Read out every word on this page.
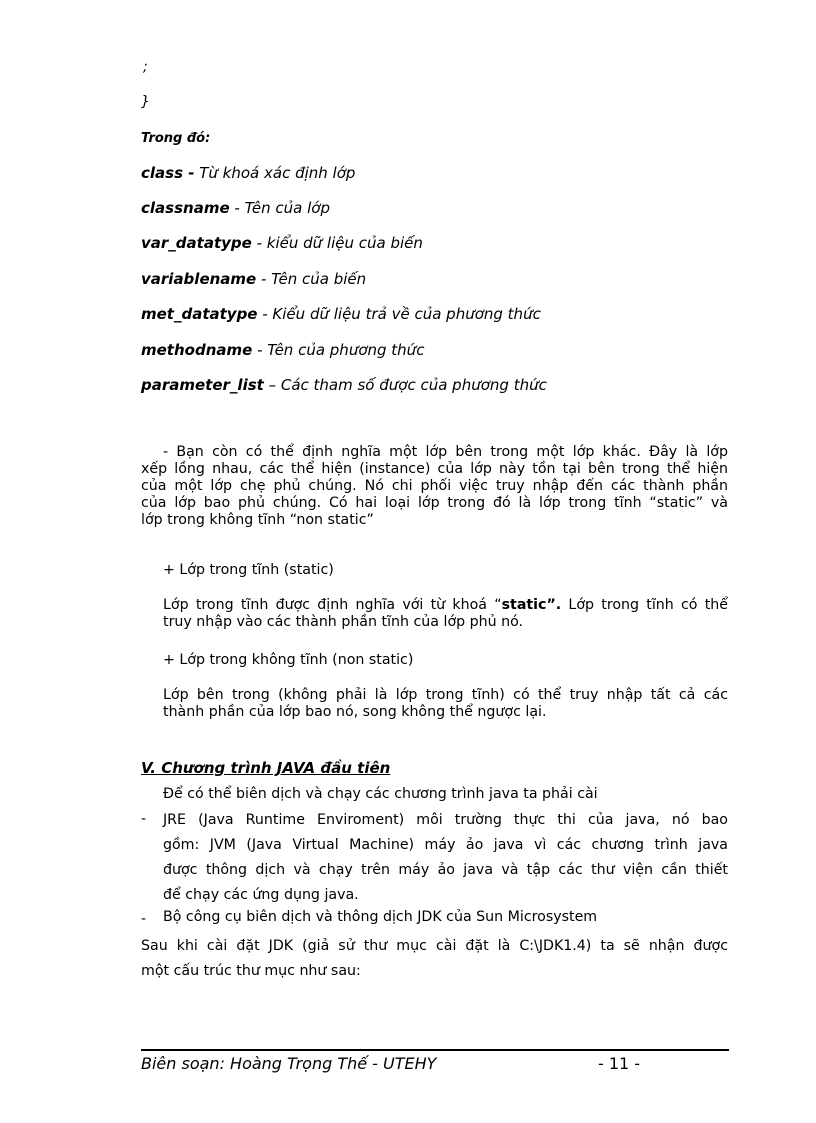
;
}
Trong đó:
class - Từ khoá xác định lớp
classname - Tên của lớp
var_datatype - kiểu dữ liệu của biến
variablename - Tên của biến
met_datatype - Kiểu dữ liệu trả về của phương thức
methodname - Tên của phương thức
parameter_list – Các tham số được của phương thức
- Bạn còn có thể định nghĩa một lớp bên trong một lớp khác. Đây là lớp
xếp lồng nhau, các thể hiện (instance) của lớp này tồn tại bên trong thể hiện
của một lớp chẹ phủ chúng. Nó chi phối việc truy nhập đến các thành phần
của lớp bao phủ chúng. Có hai loại lớp trong đó là lớp trong tĩnh “static” và
lớp trong không tĩnh “non static”
+ Lớp trong tĩnh (static)
Lớp trong tĩnh được định nghĩa với từ khoá “static”. Lớp trong tĩnh có thể
truy nhập vào các thành phần tĩnh của lớp phủ nó.
+ Lớp trong không tĩnh (non static)
Lớp bên trong (không phải là lớp trong tĩnh) có thể truy nhập tất cả các
thành phần của lớp bao nó, song không thể ngược lại.
V. Chương trình JAVA đầu tiên
Để có thể biên dịch và chạy các chương trình java ta phải cài
- JRE (Java Runtime Enviroment) môi trường thực thi của java, nó bao
gồm: JVM (Java Virtual Machine) máy ảo java vì các chương trình java
được thông dịch và chạy trên máy ảo java và tập các thư viện cần thiết
để chạy các ứng dụng java.
- Bộ công cụ biên dịch và thông dịch JDK của Sun Microsystem
Sau khi cài đặt JDK (giả sử thư mục cài đặt là C:\JDK1.4) ta sẽ nhận được
một cấu trúc thư mục như sau:
Biên soạn: Hoàng Trọng Thế - UTEHY	- 11 -
